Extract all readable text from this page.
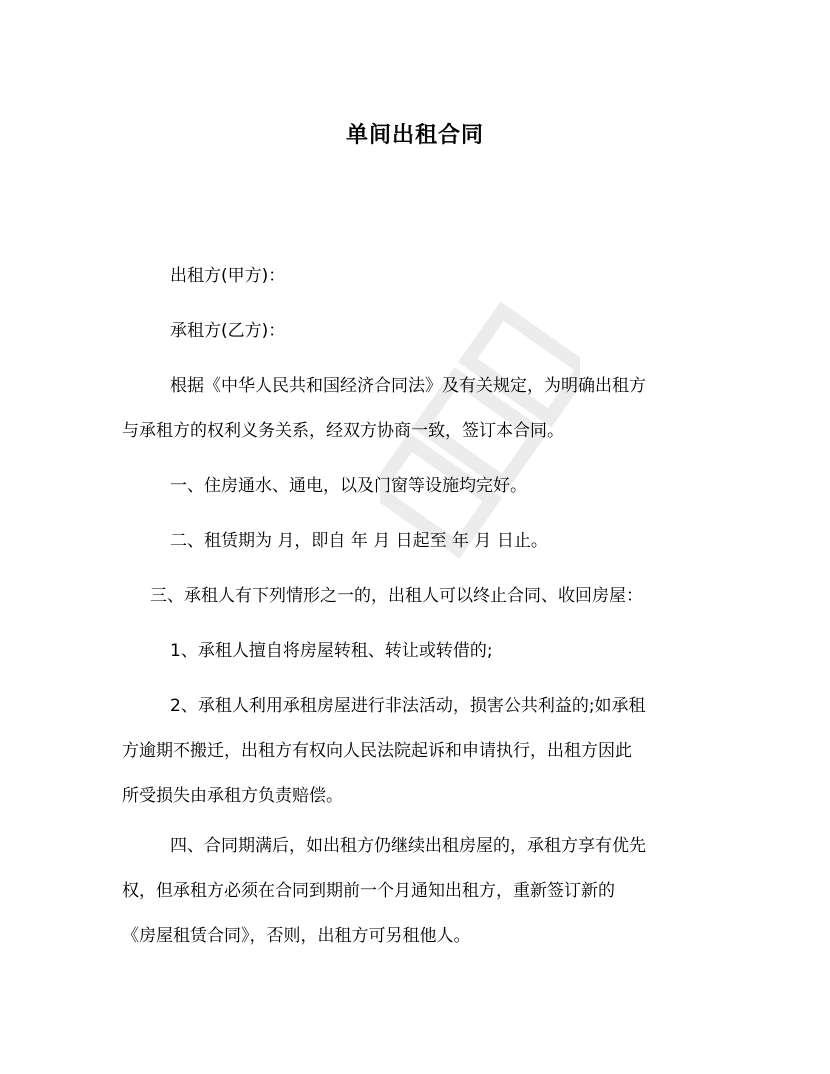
单间出租合同

出租方(甲方)：

承租方(乙方)：

根据《中华人民共和国经济合同法》及有关规定，为明确出租方
与承租方的权利义务关系，经双方协商一致，签订本合同。

一、住房通水、通电，以及门窗等设施均完好。

二、租赁期为 月，即自 年 月 日起至 年 月 日止。

三、承租人有下列情形之一的，出租人可以终止合同、收回房屋：

1、承租人擅自将房屋转租、转让或转借的;

2、承租人利用承租房屋进行非法活动，损害公共利益的;如承租
方逾期不搬迁，出租方有权向人民法院起诉和申请执行，出租方因此
所受损失由承租方负责赔偿。

四、合同期满后，如出租方仍继续出租房屋的，承租方享有优先
权，但承租方必须在合同到期前一个月通知出租方，重新签订新的
《房屋租赁合同》，否则，出租方可另租他人。
